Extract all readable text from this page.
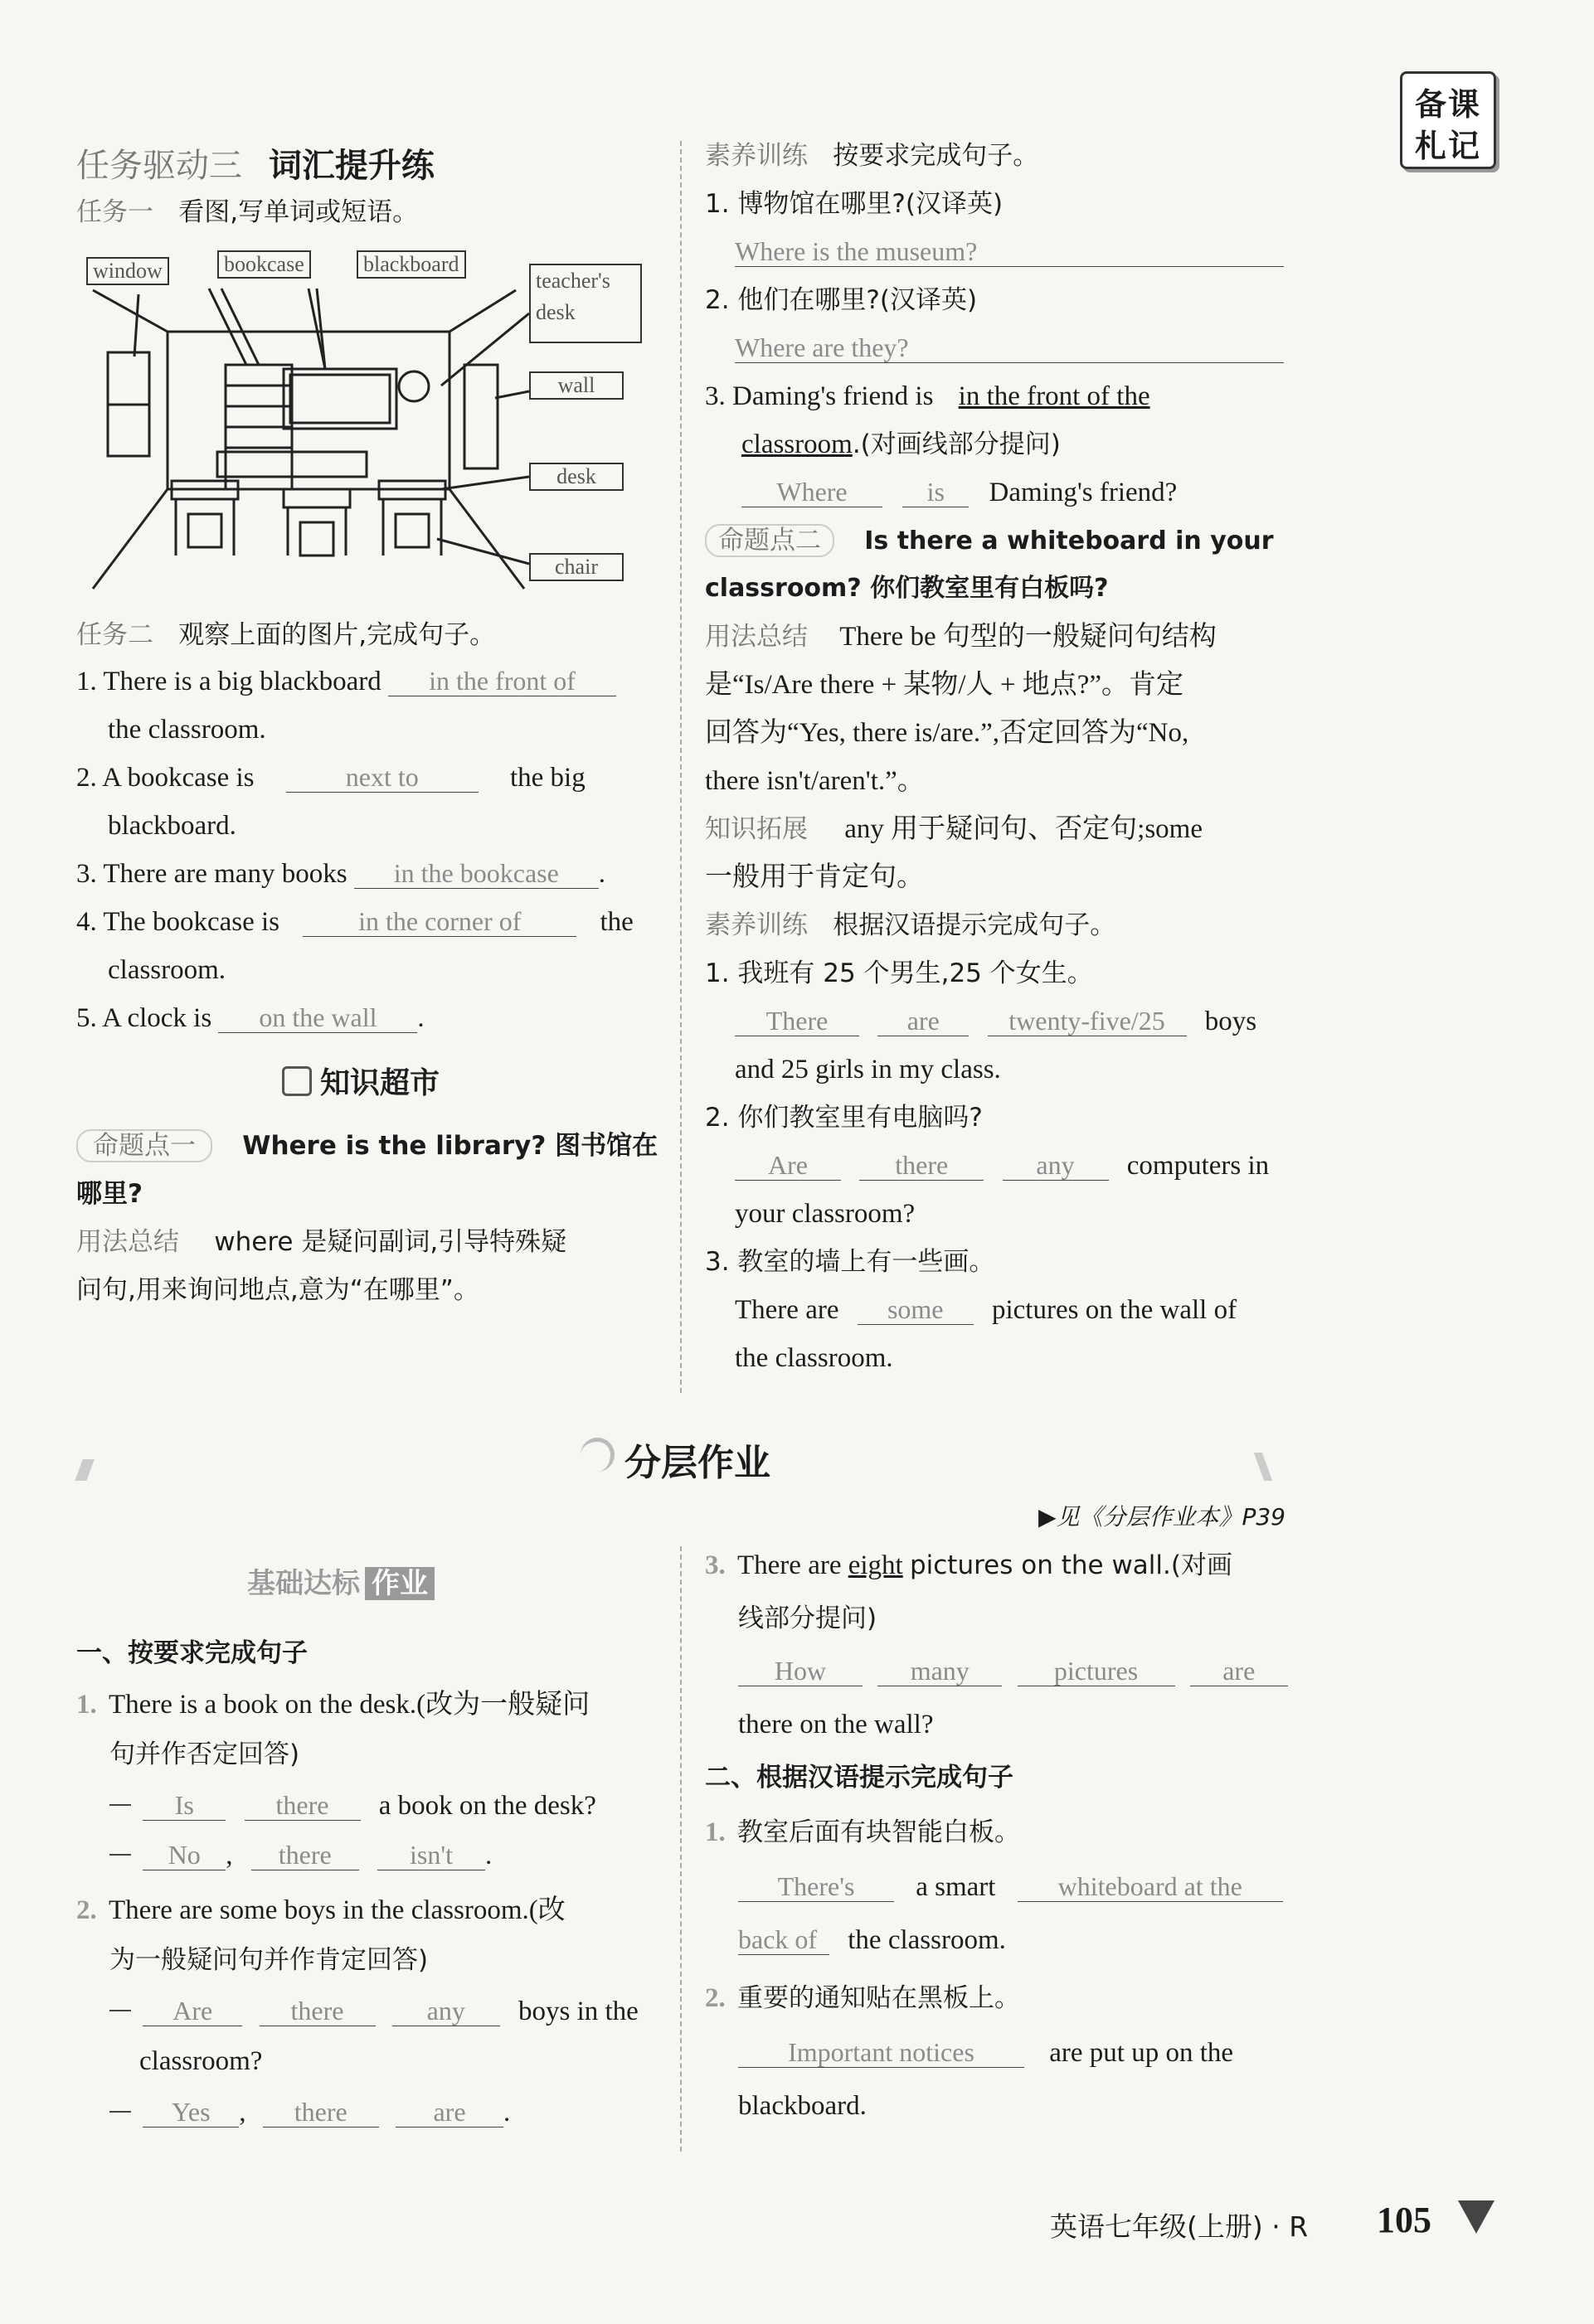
备课
札记
任务驱动三 词汇提升练
任务一 看图,写单词或短语。
window	bookcase	blackboard
teacher's
desk
wall
desk
chair
任务二 观察上面的图片,完成句子。
1. There is a big blackboard in the front of
the classroom.
2. A bookcase is	next to	the big
blackboard.
3. There are many books in the bookcase .
4. The bookcase is	in the corner of	the
classroom.
5. A clock is on the wall .
知识超市
命题点一 Where is the library? 图书馆在
哪里?
用法总结 where 是疑问副词,引导特殊疑
问句,用来询问地点,意为“在哪里”。
素养训练 按要求完成句子。
1. 博物馆在哪里?(汉译英)
Where is the museum?
2. 他们在哪里?(汉译英)
Where are they?
3. Daming's friend is in the front of the
classroom.(对画线部分提问)
Where	is Daming's friend?
命题点二 Is there a whiteboard in your
classroom? 你们教室里有白板吗?
用法总结 There be 句型的一般疑问句结构
是“Is/Are there + 某物/人 + 地点?”。肯定
回答为“Yes, there is/are.”,否定回答为“No,
there isn't/aren't.”。
知识拓展 any 用于疑问句、否定句;some
一般用于肯定句。
素养训练 根据汉语提示完成句子。
1. 我班有 25 个男生,25 个女生。
There	are	twenty-five/25 boys
and 25 girls in my class.
2. 你们教室里有电脑吗?
Are	there	any computers in
your classroom?
3. 教室的墙上有一些画。
There are some pictures on the wall of
the classroom.
分层作业
▶见《分层作业本》P39
基础达标 作业
一、按要求完成句子
1. There is a book on the desk.(改为一般疑问
句并作否定回答)
Is	there a book on the desk?
No , there	isn't .
2. There are some boys in the classroom.(改
为一般疑问句并作肯定回答)
Are	there	any boys in the
classroom?
Yes , there	are .
3. There are eight pictures on the wall.(对画
线部分提问)
How	many	pictures	are
there on the wall?
二、根据汉语提示完成句子
1. 教室后面有块智能白板。
There's a smart whiteboard at the
back of the classroom.
2. 重要的通知贴在黑板上。
Important notices	are put up on the
blackboard.
英语七年级(上册) · R 105
